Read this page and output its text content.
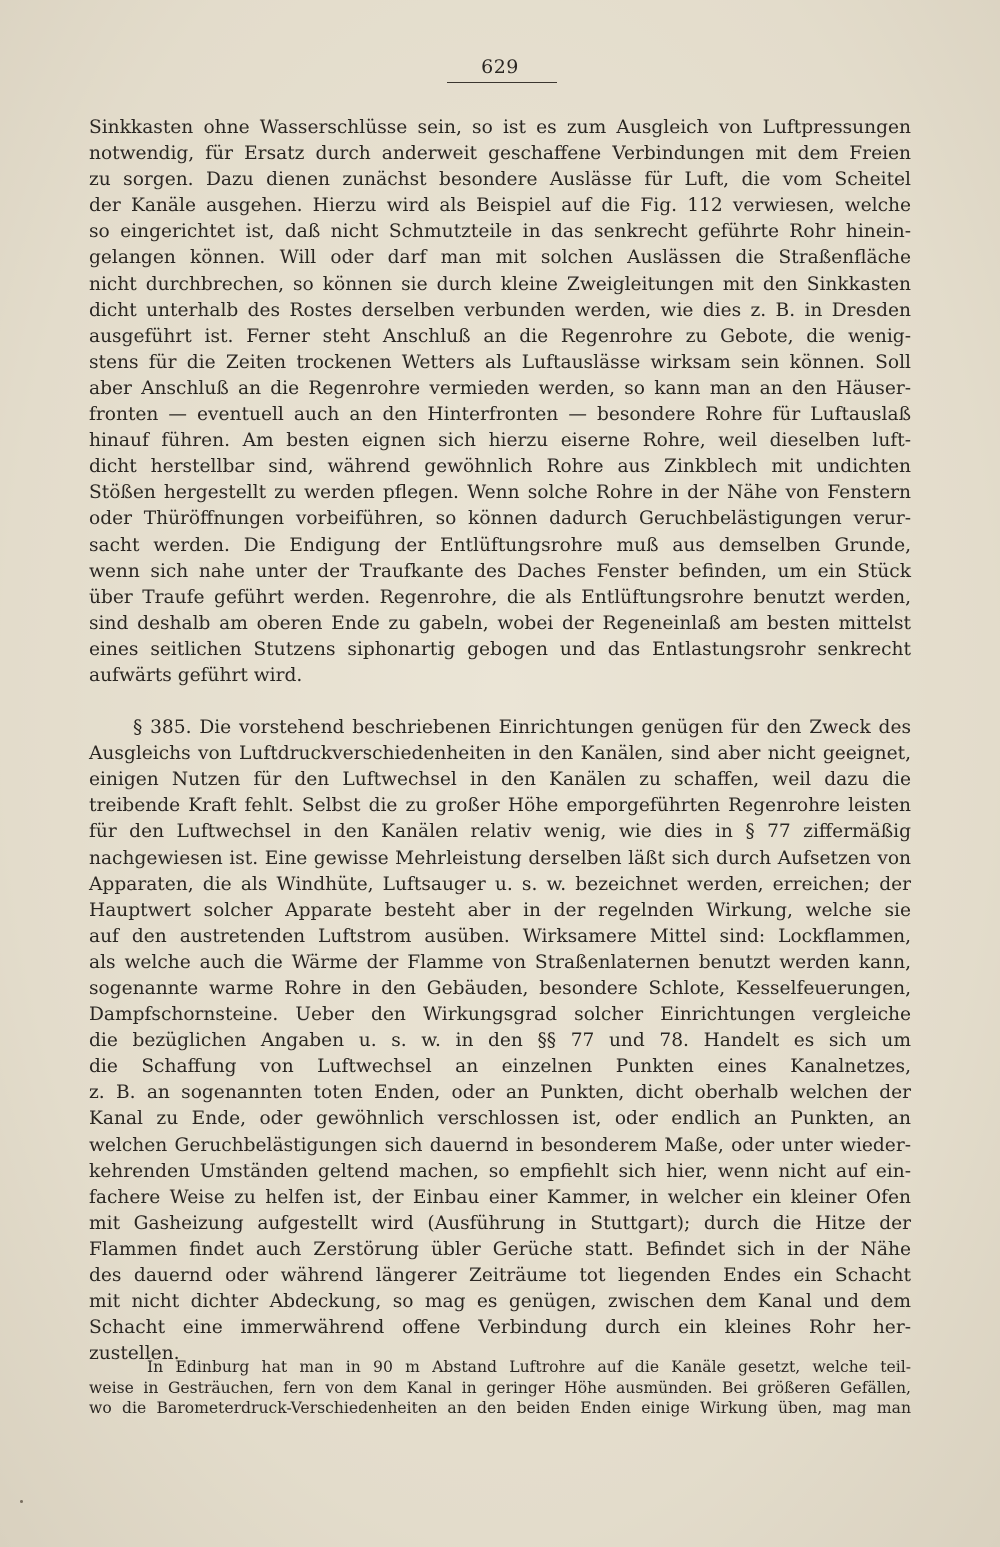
629
Sinkkasten ohne Wasserschlüsse sein, so ist es zum Ausgleich von Luftpressungen
notwendig, für Ersatz durch anderweit geschaffene Verbindungen mit dem Freien
zu sorgen. Dazu dienen zunächst besondere Auslässe für Luft, die vom Scheitel
der Kanäle ausgehen. Hierzu wird als Beispiel auf die Fig. 112 verwiesen, welche
so eingerichtet ist, daß nicht Schmutzteile in das senkrecht geführte Rohr hinein-
gelangen können. Will oder darf man mit solchen Auslässen die Straßenfläche
nicht durchbrechen, so können sie durch kleine Zweigleitungen mit den Sinkkasten
dicht unterhalb des Rostes derselben verbunden werden, wie dies z. B. in Dresden
ausgeführt ist. Ferner steht Anschluß an die Regenrohre zu Gebote, die wenig-
stens für die Zeiten trockenen Wetters als Luftauslässe wirksam sein können. Soll
aber Anschluß an die Regenrohre vermieden werden, so kann man an den Häuser-
fronten — eventuell auch an den Hinterfronten — besondere Rohre für Luftauslaß
hinauf führen. Am besten eignen sich hierzu eiserne Rohre, weil dieselben luft-
dicht herstellbar sind, während gewöhnlich Rohre aus Zinkblech mit undichten
Stößen hergestellt zu werden pflegen. Wenn solche Rohre in der Nähe von Fenstern
oder Thüröffnungen vorbeiführen, so können dadurch Geruchbelästigungen verur-
sacht werden. Die Endigung der Entlüftungsrohre muß aus demselben Grunde,
wenn sich nahe unter der Traufkante des Daches Fenster befinden, um ein Stück
über Traufe geführt werden. Regenrohre, die als Entlüftungsrohre benutzt werden,
sind deshalb am oberen Ende zu gabeln, wobei der Regeneinlaß am besten mittelst
eines seitlichen Stutzens siphonartig gebogen und das Entlastungsrohr senkrecht
aufwärts geführt wird.
§ 385. Die vorstehend beschriebenen Einrichtungen genügen für den Zweck des
Ausgleichs von Luftdruckverschiedenheiten in den Kanälen, sind aber nicht geeignet,
einigen Nutzen für den Luftwechsel in den Kanälen zu schaffen, weil dazu die
treibende Kraft fehlt. Selbst die zu großer Höhe emporgeführten Regenrohre leisten
für den Luftwechsel in den Kanälen relativ wenig, wie dies in § 77 ziffermäßig
nachgewiesen ist. Eine gewisse Mehrleistung derselben läßt sich durch Aufsetzen von
Apparaten, die als Windhüte, Luftsauger u. s. w. bezeichnet werden, erreichen; der
Hauptwert solcher Apparate besteht aber in der regelnden Wirkung, welche sie
auf den austretenden Luftstrom ausüben. Wirksamere Mittel sind: Lockflammen,
als welche auch die Wärme der Flamme von Straßenlaternen benutzt werden kann,
sogenannte warme Rohre in den Gebäuden, besondere Schlote, Kesselfeuerungen,
Dampfschornsteine. Ueber den Wirkungsgrad solcher Einrichtungen vergleiche
die bezüglichen Angaben u. s. w. in den §§ 77 und 78. Handelt es sich um
die Schaffung von Luftwechsel an einzelnen Punkten eines Kanalnetzes,
z. B. an sogenannten toten Enden, oder an Punkten, dicht oberhalb welchen der
Kanal zu Ende, oder gewöhnlich verschlossen ist, oder endlich an Punkten, an
welchen Geruchbelästigungen sich dauernd in besonderem Maße, oder unter wieder-
kehrenden Umständen geltend machen, so empfiehlt sich hier, wenn nicht auf ein-
fachere Weise zu helfen ist, der Einbau einer Kammer, in welcher ein kleiner Ofen
mit Gasheizung aufgestellt wird (Ausführung in Stuttgart); durch die Hitze der
Flammen findet auch Zerstörung übler Gerüche statt. Befindet sich in der Nähe
des dauernd oder während längerer Zeiträume tot liegenden Endes ein Schacht
mit nicht dichter Abdeckung, so mag es genügen, zwischen dem Kanal und dem
Schacht eine immerwährend offene Verbindung durch ein kleines Rohr her-
zustellen.
In Edinburg hat man in 90 m Abstand Luftrohre auf die Kanäle gesetzt, welche teil-
weise in Gesträuchen, fern von dem Kanal in geringer Höhe ausmünden. Bei größeren Gefällen,
wo die Barometerdruck-Verschiedenheiten an den beiden Enden einige Wirkung üben, mag man
